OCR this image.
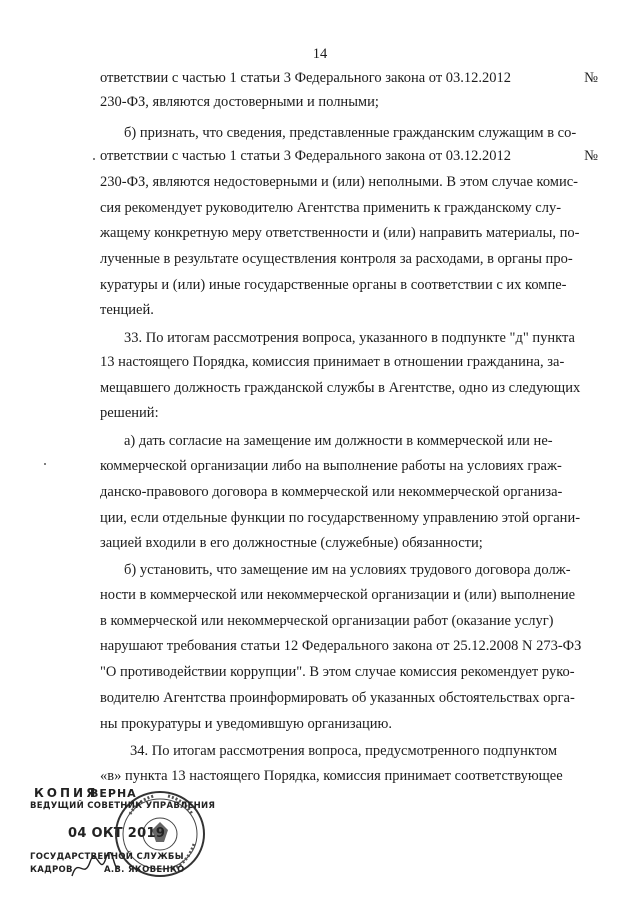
14
ответствии с частью 1 статьи 3 Федерального закона от 03.12.2012	№
230-ФЗ, являются достоверными и полными;
б) признать, что сведения, представленные гражданским служащим в со-
ответствии с частью 1 статьи 3 Федерального закона от 03.12.2012	№
230-ФЗ, являются недостоверными и (или) неполными. В этом случае комис-
сия рекомендует руководителю Агентства применить к гражданскому слу-
жащему конкретную меру ответственности и (или) направить материалы, по-
лученные в результате осуществления контроля за расходами, в органы про-
куратуры и (или) иные государственные органы в соответствии с их компе-
тенцией.
33. По итогам рассмотрения вопроса, указанного в подпункте "д" пункта
13 настоящего Порядка, комиссия принимает в отношении гражданина, за-
мещавшего должность гражданской службы в Агентстве, одно из следующих
решений:
а) дать согласие на замещение им должности в коммерческой или не-
коммерческой организации либо на выполнение работы на условиях граж-
данско-правового договора в коммерческой или некоммерческой организа-
ции, если отдельные функции по государственному управлению этой органи-
зацией входили в его должностные (служебные) обязанности;
б) установить, что замещение им на условиях трудового договора долж-
ности в коммерческой или некоммерческой организации и (или) выполнение
в коммерческой или некоммерческой организации работ (оказание услуг)
нарушают требования статьи 12 Федерального закона от 25.12.2008 N 273-ФЗ
"О противодействии коррупции". В этом случае комиссия рекомендует руко-
водителю Агентства проинформировать об указанных обстоятельствах орга-
ны прокуратуры и уведомившую организацию.
34. По итогам рассмотрения вопроса, предусмотренного подпунктом
«в» пункта 13 настоящего Порядка, комиссия принимает соответствующее
КОПИЯ
ВЕРНА
ВЕДУЩИЙ СОВЕТНИК УПРАВЛЕНИЯ
04 ОКТ 2019
ГОСУДАРСТВЕННОЙ СЛУЖБЫ
КАДРОВ	А.В. ЯКОВЕНКО
